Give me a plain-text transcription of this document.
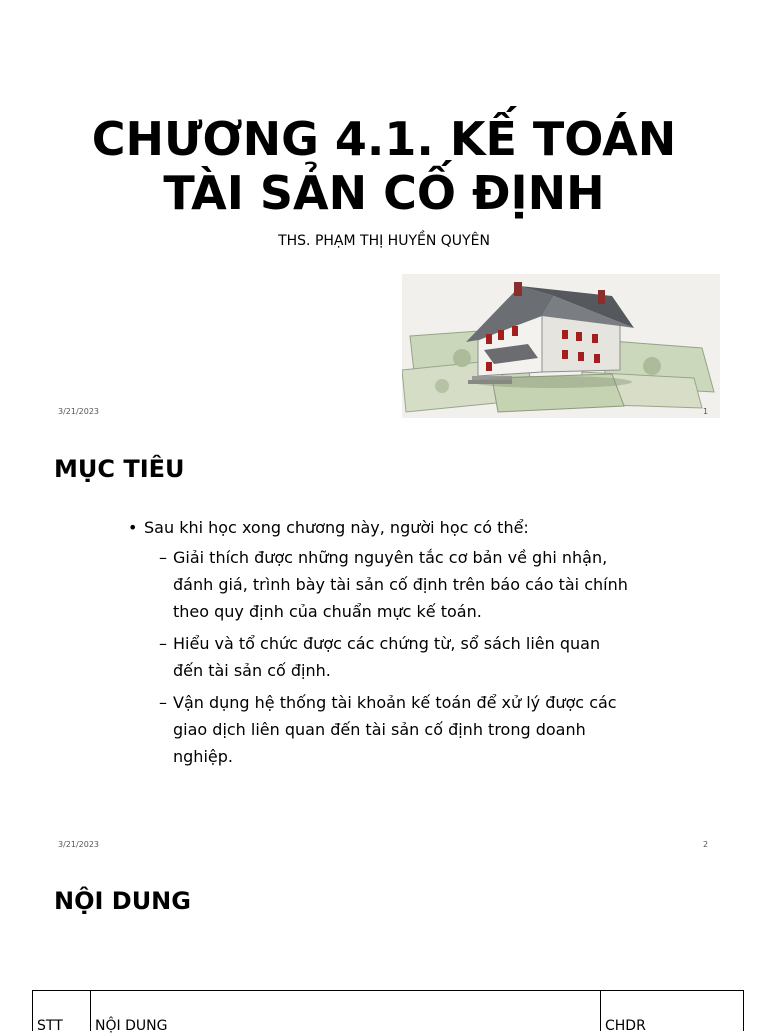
CHƯƠNG 4.1. KẾ TOÁN
TÀI SẢN CỐ ĐỊNH
THS. PHẠM THỊ HUYỀN QUYÊN
3/21/2023	1
MỤC TIÊU
• Sau khi học xong chương này, người học có thể:
– Giải thích được những nguyên tắc cơ bản về ghi nhận, đánh giá, trình bày tài sản cố định trên báo cáo tài chính theo quy định của chuẩn mực kế toán.
– Hiểu và tổ chức được các chứng từ, sổ sách liên quan đến tài sản cố định.
– Vận dụng hệ thống tài khoản kế toán để xử lý được các giao dịch liên quan đến tài sản cố định trong doanh nghiệp.
3/21/2023	2
NỘI DUNG
STT	NỘI DUNG	CHDR
